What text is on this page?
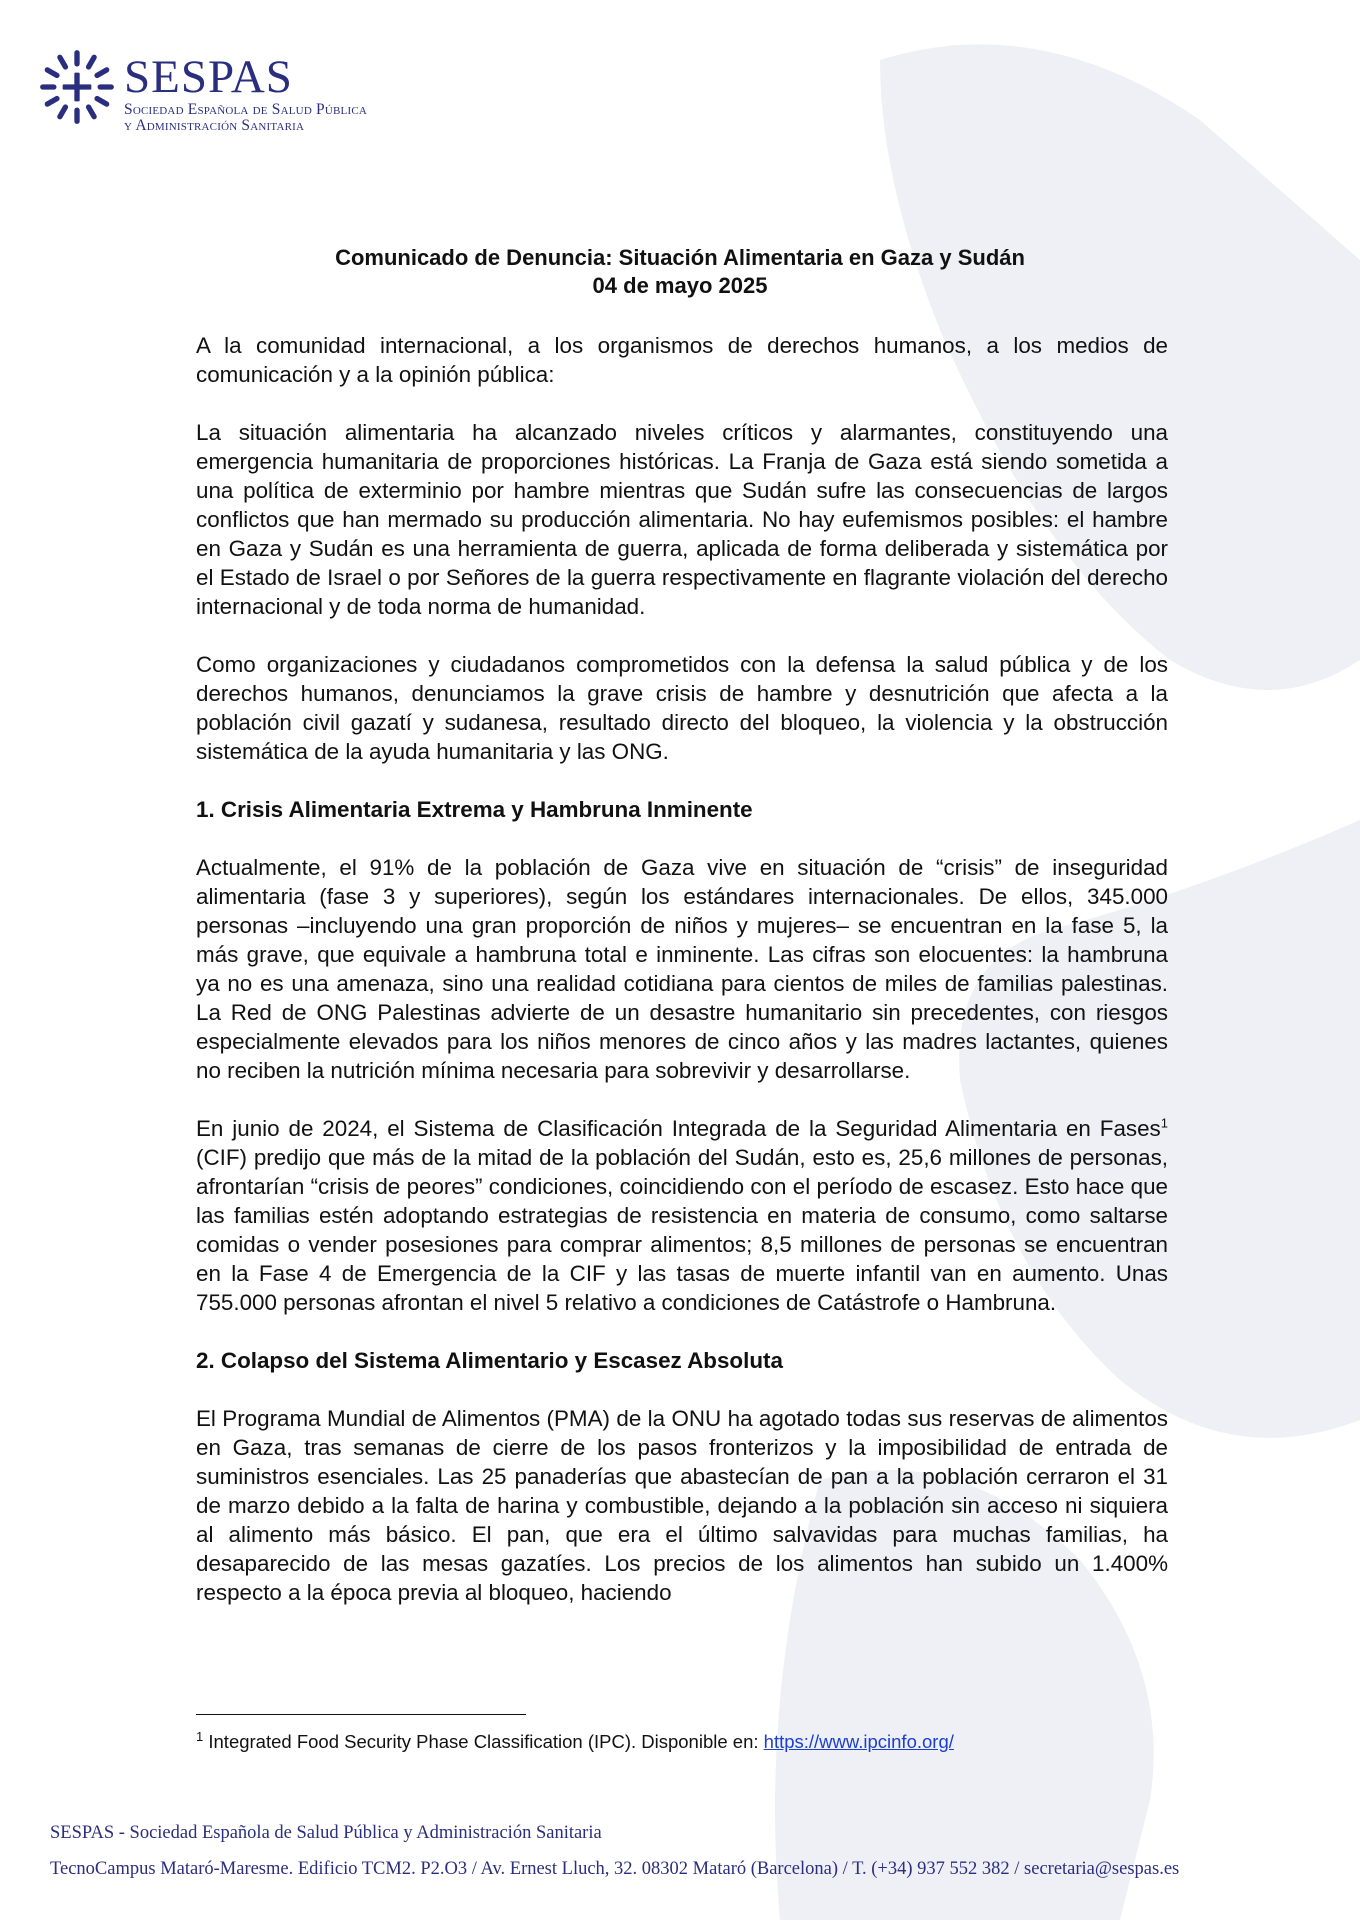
SESPAS
Sociedad Española de Salud Pública
y Administración Sanitaria
Comunicado de Denuncia: Situación Alimentaria en Gaza y Sudán
04 de mayo 2025

A la comunidad internacional, a los organismos de derechos humanos, a los medios de comunicación y a la opinión pública:

La situación alimentaria ha alcanzado niveles críticos y alarmantes, constituyendo una emergencia humanitaria de proporciones históricas. La Franja de Gaza está siendo sometida a una política de exterminio por hambre mientras que Sudán sufre las consecuencias de largos conflictos que han mermado su producción alimentaria. No hay eufemismos posibles: el hambre en Gaza y Sudán es una herramienta de guerra, aplicada de forma deliberada y sistemática por el Estado de Israel o por Señores de la guerra respectivamente en flagrante violación del derecho internacional y de toda norma de humanidad.

Como organizaciones y ciudadanos comprometidos con la defensa la salud pública y de los derechos humanos, denunciamos la grave crisis de hambre y desnutrición que afecta a la población civil gazatí y sudanesa, resultado directo del bloqueo, la violencia y la obstrucción sistemática de la ayuda humanitaria y las ONG.

1. Crisis Alimentaria Extrema y Hambruna Inminente

Actualmente, el 91% de la población de Gaza vive en situación de “crisis” de inseguridad alimentaria (fase 3 y superiores), según los estándares internacionales. De ellos, 345.000 personas –incluyendo una gran proporción de niños y mujeres– se encuentran en la fase 5, la más grave, que equivale a hambruna total e inminente. Las cifras son elocuentes: la hambruna ya no es una amenaza, sino una realidad cotidiana para cientos de miles de familias palestinas. La Red de ONG Palestinas advierte de un desastre humanitario sin precedentes, con riesgos especialmente elevados para los niños menores de cinco años y las madres lactantes, quienes no reciben la nutrición mínima necesaria para sobrevivir y desarrollarse.

En junio de 2024, el Sistema de Clasificación Integrada de la Seguridad Alimentaria en Fases$^1$ (CIF) predijo que más de la mitad de la población del Sudán, esto es, 25,6 millones de personas, afrontarían “crisis de peores” condiciones, coincidiendo con el período de escasez. Esto hace que las familias estén adoptando estrategias de resistencia en materia de consumo, como saltarse comidas o vender posesiones para comprar alimentos; 8,5 millones de personas se encuentran en la Fase 4 de Emergencia de la CIF y las tasas de muerte infantil van en aumento. Unas 755.000 personas afrontan el nivel 5 relativo a condiciones de Catástrofe o Hambruna.

2. Colapso del Sistema Alimentario y Escasez Absoluta

El Programa Mundial de Alimentos (PMA) de la ONU ha agotado todas sus reservas de alimentos en Gaza, tras semanas de cierre de los pasos fronterizos y la imposibilidad de entrada de suministros esenciales. Las 25 panaderías que abastecían de pan a la población cerraron el 31 de marzo debido a la falta de harina y combustible, dejando a la población sin acceso ni siquiera al alimento más básico. El pan, que era el último salvavidas para muchas familias, ha desaparecido de las mesas gazatíes. Los precios de los alimentos han subido un 1.400% respecto a la época previa al bloqueo, haciendo

$^1$ Integrated Food Security Phase Classification (IPC). Disponible en: https://www.ipcinfo.org/
SESPAS - Sociedad Española de Salud Pública y Administración Sanitaria
TecnoCampus Mataró-Maresme. Edificio TCM2. P2.O3 / Av. Ernest Lluch, 32. 08302 Mataró (Barcelona) / T. (+34) 937 552 382 / secretaria@sespas.es
